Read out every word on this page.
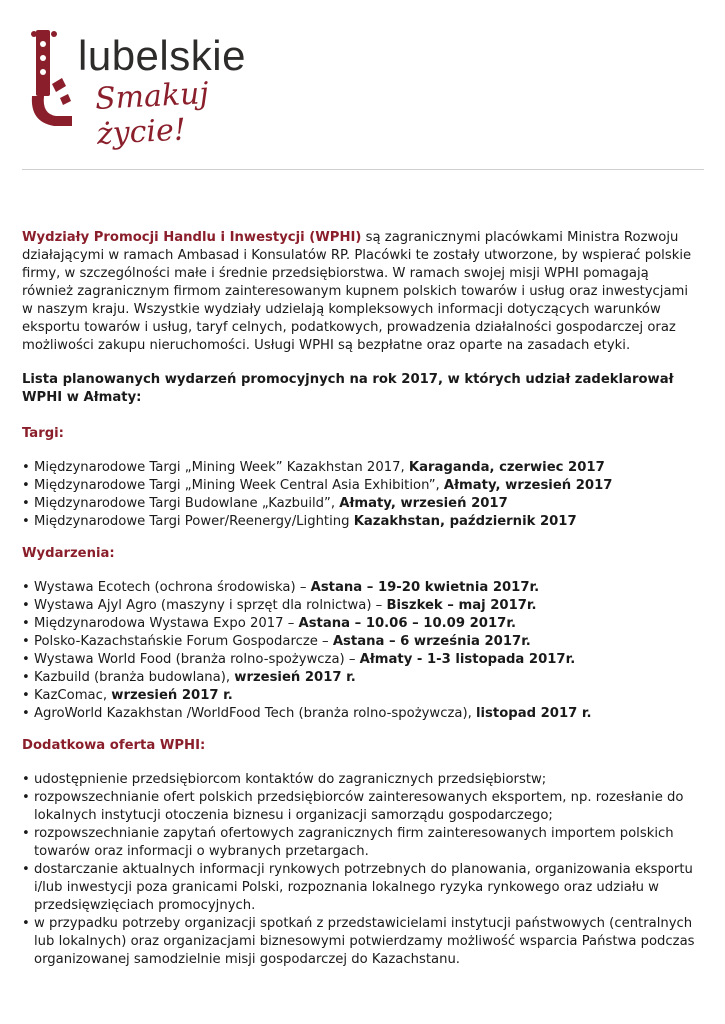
lubelskie
Smakuj życie!

Wydziały Promocji Handlu i Inwestycji (WPHI) są zagranicznymi placówkami Ministra Rozwoju działającymi w ramach Ambasad i Konsulatów RP. Placówki te zostały utworzone, by wspierać polskie firmy, w szczególności małe i średnie przedsiębiorstwa. W ramach swojej misji WPHI pomagają również zagranicznym firmom zainteresowanym kupnem polskich towarów i usług oraz inwestycjami w naszym kraju. Wszystkie wydziały udzielają kompleksowych informacji dotyczących warunków eksportu towarów i usług, taryf celnych, podatkowych, prowadzenia działalności gospodarczej oraz możliwości zakupu nieruchomości. Usługi WPHI są bezpłatne oraz oparte na zasadach etyki.

Lista planowanych wydarzeń promocyjnych na rok 2017, w których udział zadeklarował WPHI w Ałmaty:

Targi:

• Międzynarodowe Targi „Mining Week” Kazakhstan 2017, Karaganda, czerwiec 2017
• Międzynarodowe Targi „Mining Week Central Asia Exhibition”, Ałmaty, wrzesień 2017
• Międzynarodowe Targi Budowlane „Kazbuild”, Ałmaty, wrzesień 2017
• Międzynarodowe Targi Power/Reenergy/Lighting Kazakhstan, październik 2017

Wydarzenia:

• Wystawa Ecotech (ochrona środowiska) – Astana – 19-20 kwietnia 2017r.
• Wystawa Ajyl Agro (maszyny i sprzęt dla rolnictwa) – Biszkek – maj 2017r.
• Międzynarodowa Wystawa Expo 2017 – Astana – 10.06 – 10.09 2017r.
• Polsko-Kazachstańskie Forum Gospodarcze – Astana – 6 września 2017r.
• Wystawa World Food (branża rolno-spożywcza) – Ałmaty - 1-3 listopada 2017r.
• Kazbuild (branża budowlana), wrzesień 2017 r.
• KazComac, wrzesień 2017 r.
• AgroWorld Kazakhstan /WorldFood Tech (branża rolno-spożywcza), listopad 2017 r.

Dodatkowa oferta WPHI:

• udostępnienie przedsiębiorcom kontaktów do zagranicznych przedsiębiorstw;
• rozpowszechnianie ofert polskich przedsiębiorców zainteresowanych eksportem, np. rozesłanie do lokalnych instytucji otoczenia biznesu i organizacji samorządu gospodarczego;
• rozpowszechnianie zapytań ofertowych zagranicznych firm zainteresowanych importem polskich towarów oraz informacji o wybranych przetargach.
• dostarczanie aktualnych informacji rynkowych potrzebnych do planowania, organizowania eksportu i/lub inwestycji poza granicami Polski, rozpoznania lokalnego ryzyka rynkowego oraz udziału w przedsięwzięciach promocyjnych.
• w przypadku potrzeby organizacji spotkań z przedstawicielami instytucji państwowych (centralnych lub lokalnych) oraz organizacjami biznesowymi potwierdzamy możliwość wsparcia Państwa podczas organizowanej samodzielnie misji gospodarczej do Kazachstanu.
